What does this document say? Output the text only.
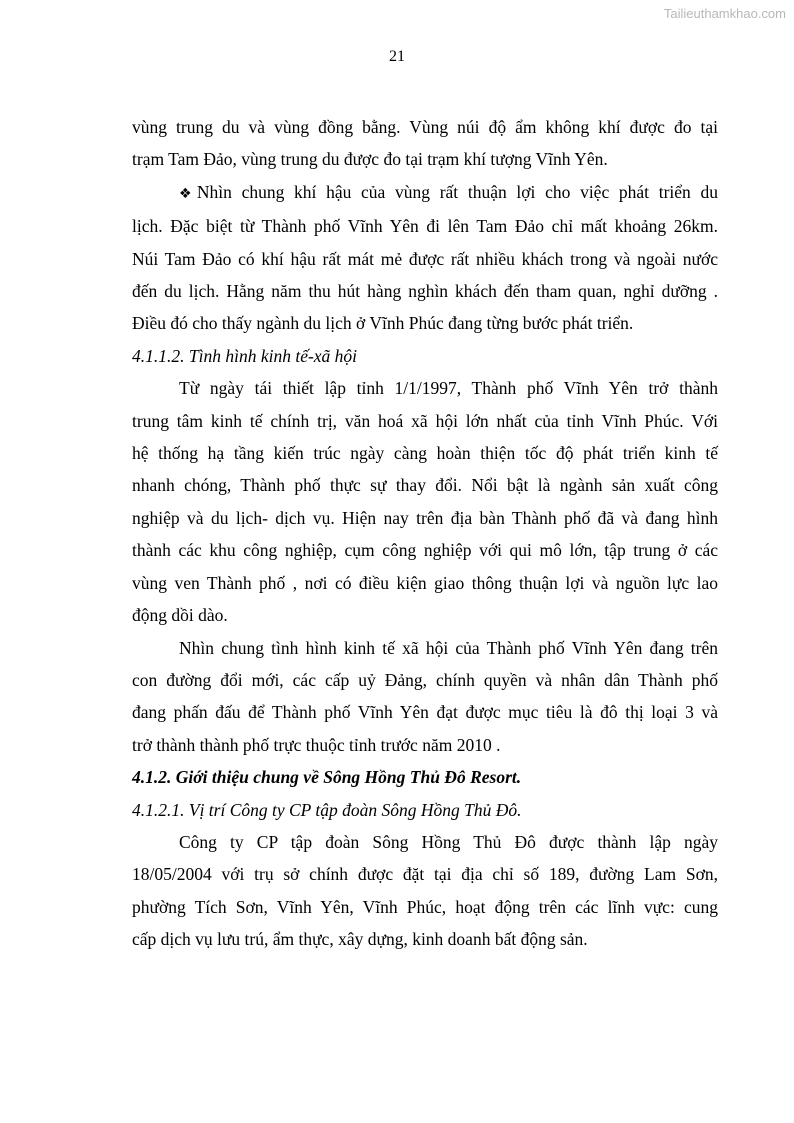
Tailieuthamkhao.com
21
vùng trung du và vùng đồng bằng. Vùng núi độ ẩm không khí được đo tại
trạm Tam Đảo, vùng trung du được đo tại trạm khí tượng Vĩnh Yên.
❖Nhìn chung khí hậu của vùng rất thuận lợi cho việc phát triển du
lịch. Đặc biệt từ Thành phố Vĩnh Yên đi lên Tam Đảo chỉ mất khoảng 26km.
Núi Tam Đảo có khí hậu rất mát mẻ được rất nhiều khách trong và ngoài nước
đến du lịch. Hằng năm thu hút hàng nghìn khách đến tham quan, nghỉ dưỡng .
Điều đó cho thấy ngành du lịch ở Vĩnh Phúc đang từng bước phát triển.
4.1.1.2. Tình hình kinh tế-xã hội
Từ ngày tái thiết lập tỉnh 1/1/1997, Thành phố Vĩnh Yên trở thành
trung tâm kinh tế chính trị, văn hoá xã hội lớn nhất của tỉnh Vĩnh Phúc. Với
hệ thống hạ tầng kiến trúc ngày càng hoàn thiện tốc độ phát triển kinh tế
nhanh chóng, Thành phố thực sự thay đổi. Nổi bật là ngành sản xuất công
nghiệp và du lịch- dịch vụ. Hiện nay trên địa bàn Thành phố đã và đang hình
thành các khu công nghiệp, cụm công nghiệp với qui mô lớn, tập trung ở các
vùng ven Thành phố , nơi có điều kiện giao thông thuận lợi và nguồn lực lao
động dồi dào.
Nhìn chung tình hình kinh tế xã hội của Thành phố Vĩnh Yên đang trên
con đường đổi mới, các cấp uỷ Đảng, chính quyền và nhân dân Thành phố
đang phấn đấu để Thành phố Vĩnh Yên đạt được mục tiêu là đô thị loại 3 và
trở thành thành phố trực thuộc tỉnh trước năm 2010 .
4.1.2. Giới thiệu chung về Sông Hồng Thủ Đô Resort.
4.1.2.1. Vị trí Công ty CP tập đoàn Sông Hồng Thủ Đô.
Công ty CP tập đoàn Sông Hồng Thủ Đô được thành lập ngày
18/05/2004 với trụ sở chính được đặt tại địa chỉ số 189, đường Lam Sơn,
phường Tích Sơn, Vĩnh Yên, Vĩnh Phúc, hoạt động trên các lĩnh vực: cung
cấp dịch vụ lưu trú, ẩm thực, xây dựng, kinh doanh bất động sản.
